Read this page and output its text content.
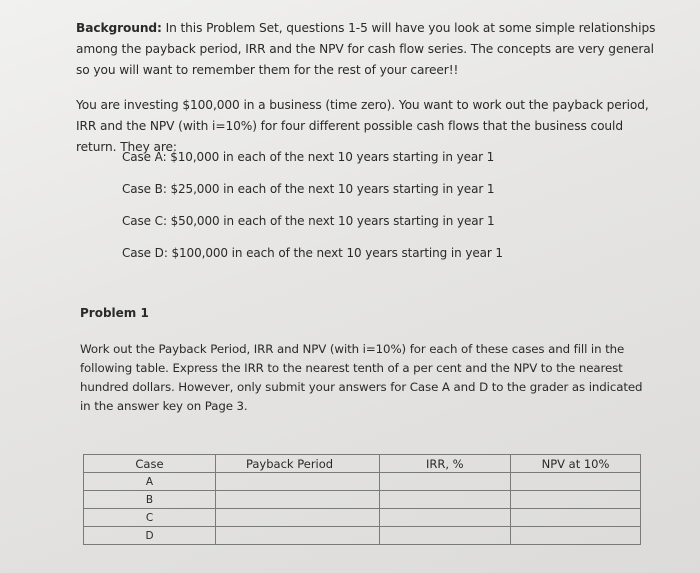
Background: In this Problem Set, questions 1-5 will have you look at some simple relationships among the payback period, IRR and the NPV for cash flow series. The concepts are very general so you will want to remember them for the rest of your career!!
You are investing $100,000 in a business (time zero). You want to work out the payback period, IRR and the NPV (with i=10%) for four different possible cash flows that the business could return. They are:
Case A: $10,000 in each of the next 10 years starting in year 1
Case B: $25,000 in each of the next 10 years starting in year 1
Case C: $50,000 in each of the next 10 years starting in year 1
Case D: $100,000 in each of the next 10 years starting in year 1
Problem 1
Work out the Payback Period, IRR and NPV (with i=10%) for each of these cases and fill in the following table. Express the IRR to the nearest tenth of a per cent and the NPV to the nearest hundred dollars. However, only submit your answers for Case A and D to the grader as indicated in the answer key on Page 3.
Case	Payback Period	IRR, %	NPV at 10%
A			
B			
C			
D			
